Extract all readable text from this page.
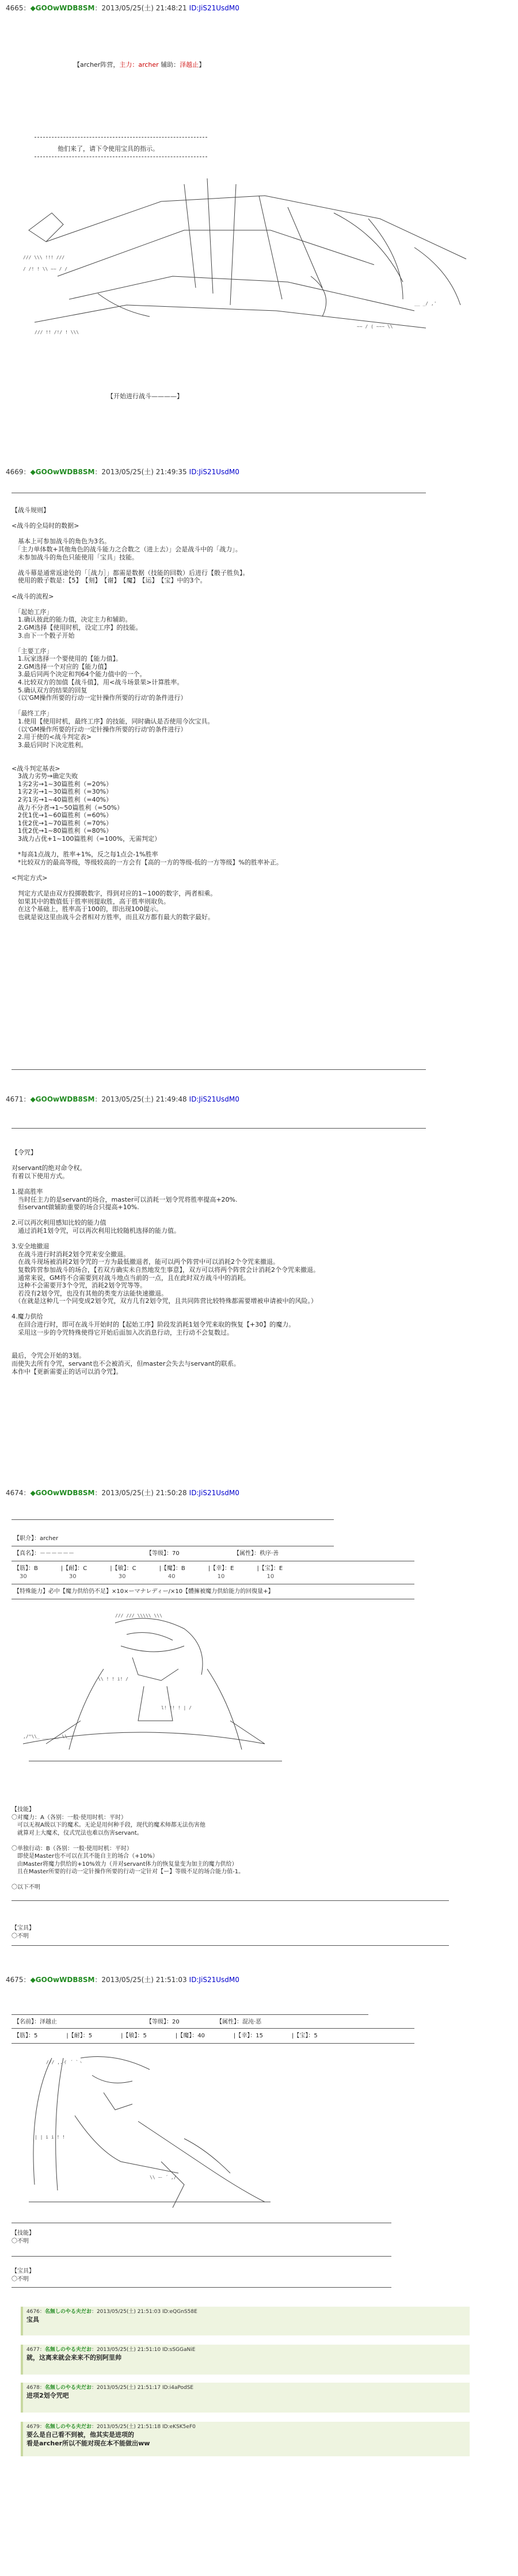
4665：◆GOOwWDB8SM：2013/05/25(土) 21:48:21 ID:JiS21UsdM0
【archer阵营，主力：archer 辅助：泽越止】
他们来了，请下令使用宝具的指示。
/// \\\ !!! ///
/ /! ! \\ ~~ / /
/// !! /!/ ! \\\
~~ / ( ~~~ \\
__ _/ ,'
【开始进行战斗————】
4669：◆GOOwWDB8SM：2013/05/25(土) 21:49:35 ID:JiS21UsdM0
【战斗规则】

<战斗的全局时的数据>

　基本上可参加战斗的角色为3名。
　「主力单体数+其他角色的战斗能力之合数之（进上去）」会是战斗中的「战力」。
　未参加战斗的角色只能使用「宝具」技能。

　战斗幕是通常返途处的「［战力］」都需是数据（技能的回数）后进行【骰子胜负】。
　使用的骰子数是：【5】　【刻】　【谢】　【魔】　【运】　【宝】中的3个。

<战斗的流程>

　「起始工序」
　1.确认彼此的能力值，决定主力和辅助。
　2.GM选择【使用时机，设定工序】的技能。
　3.由下一个骰子开始

　「主要工序」
　1.玩家选择一个要使用的【能力值】。
　2.GM选择一个对应的【能力值】
　3.最后同两个决定和判64个能力值中的一个。
　4.比较双方的加值【战斗值】，用<战斗场景果>计算胜率。
　5.确认双方的结果的回复
　（以'GM操作所要的行动一定针操作所要的行动'的条件进行）

　「最终工序」
　1.使用【使用时机，最终工序】的技能，同时确认是否使用今次宝具。
　（以'GM操作所要的行动一定针操作所要的行动'的条件进行）
　2.用于使的<战斗判定表>
　3.最后同时下决定胜利。

<战斗判定基表>
　3战力劣势→确定失败
　1劣2劣→1~30篇胜利（=20%）
　1劣2劣→1~30篇胜利（=30%）
　2劣1劣→1~40篇胜利（=40%）
　战力不分者→1~50篇胜利（=50%）
　2优1优→1~60篇胜利（=60%）
　1优2优→1~70篇胜利（=70%）
　1优2优→1~80篇胜利（=80%）
　3战力占优+1~100篇胜利（=100%，无需判定）

　*每高1点战力，胜率+1%，反之每1点会-1%胜率
　*比较双方的最高等级，等级较高的一方会有【高的一方的等级-低的一方等级】%的胜率补正。

<判定方式>

　判定方式是由双方投掷骰数字，得到对应的1~100的数字，两者相乘。
　如果其中的数值低于胜率则提取胜，高于胜率则取负。
　在这个基础上，胜率高于100的，即出现100提示。
　也就是说这里由战斗会者相对方胜率，而且双方都有最大的数字最好。
4671：◆GOOwWDB8SM：2013/05/25(土) 21:49:48 ID:JiS21UsdM0
【令咒】

对servant的绝对命令权。
有着以下使用方式。

1.提高胜率
　当时任主力的是servant的场合，master可以消耗一划令咒将胜率提高+20%.
　但servant做辅助重要的场合只提高+10%.

2.可以再次利用感知比较的能力值
　通过消耗1划令咒，可以再次利用比较随机选择的能力值。

3.安全地撤退
　在战斗进行时消耗2划令咒来安全撤退。
　在战斗现场被消耗2划令咒的一方为最低撤退者，能可以两个阵营中可以消耗2个令咒来撤退。
　复数阵营参加战斗的场合，【若双方确实未自然地发生事意】，双方可以将两个阵营会计消耗2个令咒来撤退。
　通常来说，GM将不合需要到对战斗地点当前的一点，且在此时双方战斗中的消耗。
　这种不会需要开3个令咒，消耗2划令咒等等。
　若没有2划令咒，也没有其他的类变方法能快速撤退。
　（在就是这种几一个同变成2划令咒，双方几有2划令咒，且共同阵营比较特殊都需要增被申请被中的风险。）

4.魔力供给
　在回合进行时，即可在战斗开始时的【起始工序】阶段发消耗1划令咒来取的恢复【+30】的魔力。
　采用这一步的令咒特殊使得它开始后面加入次消息行动，主行动不会复数过。

最后，令咒会开始的3划。
而使失去所有令咒，servant也不会被消灭，但master会失去与servant的联系。
本作中【更新需要正的话可以消令咒】。
4674：◆GOOwWDB8SM：2013/05/25(土) 21:50:28 ID:JiS21UsdM0
【职介】：archer
【真名】：－－－－－－	【等级】：70	【属性】：秩序·善
【筋】：B　　　　|【耐】：C　　　　|【敏】：C　　　　|【魔】：B　　　　|【幸】：E　　　　|【宝】：E
　30　　　　　　　 30　　　　　　　 30　　　　　　　 40　　　　　　　 10　　　　　　　 10
【特殊能力】必中【魔力供给仍不足】×10×ーマナレディー/×10【體擁被魔力供給能力的回復量+】
/// /// \\\\\ \\\
\\ ! ! i! /
l! |! ! | /
,/^\\_ ___ __ \\__
【技能】
〇对魔力：A（各别：一般·使用时机：平时）
　可以无视A级以下的魔术。无论是用何种手段，现代的魔术师都无法伤害他
　就算对上大魔术，仪式咒法也难以伤害servant。

〇单独行动：B（各别：一般·使用时机：平时）
　即使是Master也不可以在其不能自主的场合（+10%）
　由Master将魔力供给的+10%效力（并对servant体力的恢复量变为加主的魔力供给）
　且在Master所要的行动一定针操作所要的行动一定针对【ー】等级不足的场合能力值-1。

〇以下不明
【宝具】
〇不明
4675：◆GOOwWDB8SM：2013/05/25(土) 21:51:03 ID:JiS21UsdM0
【名前】：泽越止	【等级】：20	【属性】：混沌·恶
【筋】：5　　　　　|【耐】：5　　　　　|【敏】：5　　　　　|【魔】：40　　　　　|【幸】：15　　　　　|【宝】：5
/// ,.イ ´ `ヽ
| | i i ! !
\\ ー ´ ,/
【技能】
〇不明
【宝具】
〇不明
4676：名無しのやる夫だお：2013/05/25(土) 21:51:03 ID:eQGnS58E
宝具
4677：名無しのやる夫だお：2013/05/25(土) 21:51:10 ID:sSGGaNiE
就，这离来就会来来不的别阿里帅
4678：名無しのやる夫だお：2013/05/25(土) 21:51:17 ID:i4aPodSE
进项2划令咒吧
4679：名無しのやる夫だお：2013/05/25(土) 21:51:18 ID:eKSK5eF0
要么是自己看不到被，他其实是进项的
看是archer所以不能对现在本不能做出ww
